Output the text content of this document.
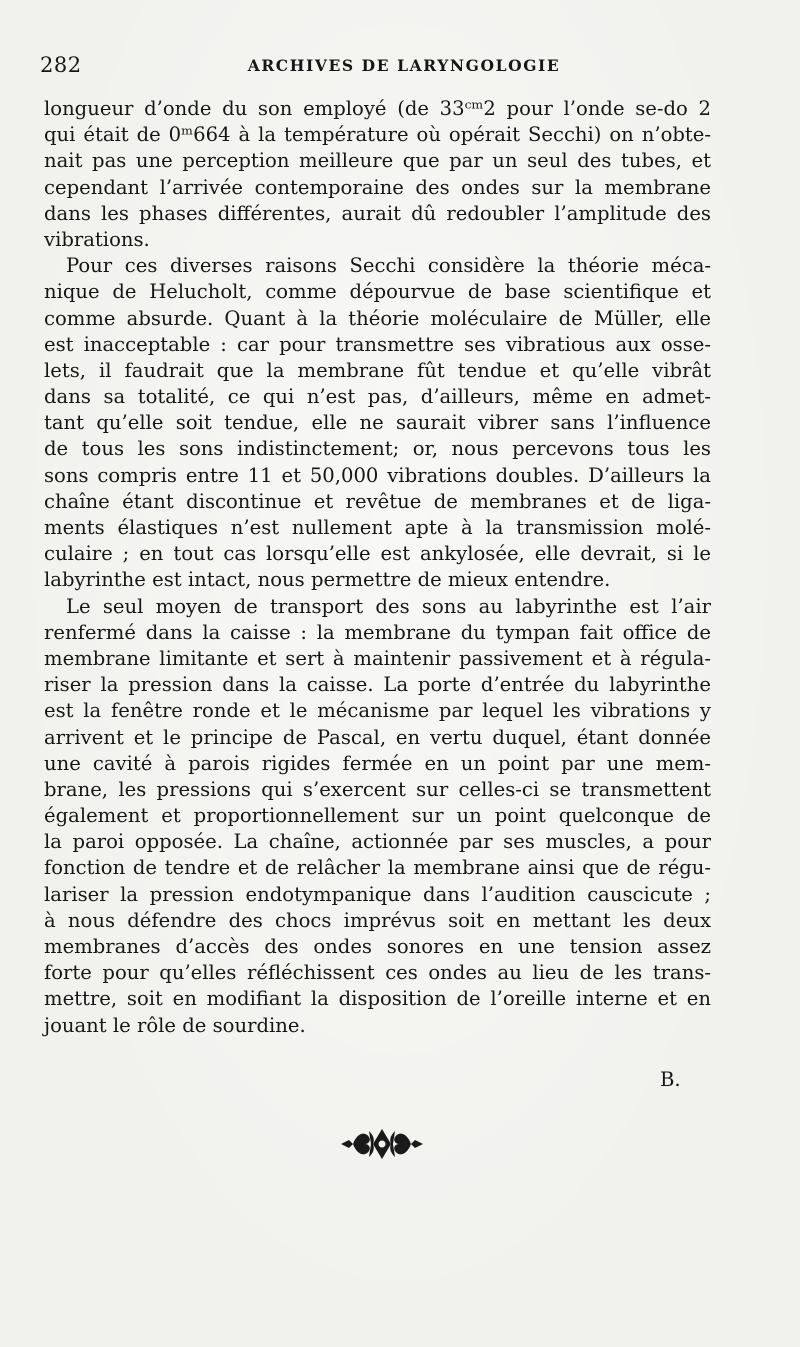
282	ARCHIVES DE LARYNGOLOGIE
longueur d’onde du son employé (de 33ᶜᵐ2 pour l’onde se-do 2
qui était de 0ᵐ664 à la température où opérait Secchi) on n’obte-
nait pas une perception meilleure que par un seul des tubes, et
cependant l’arrivée contemporaine des ondes sur la membrane
dans les phases différentes, aurait dû redoubler l’amplitude des
vibrations.
Pour ces diverses raisons Secchi considère la théorie méca-
nique de Helucholt, comme dépourvue de base scientifique et
comme absurde. Quant à la théorie moléculaire de Müller, elle
est inacceptable : car pour transmettre ses vibratious aux osse-
lets, il faudrait que la membrane fût tendue et qu’elle vibrât
dans sa totalité, ce qui n’est pas, d’ailleurs, même en admet-
tant qu’elle soit tendue, elle ne saurait vibrer sans l’influence
de tous les sons indistinctement; or, nous percevons tous les
sons compris entre 11 et 50,000 vibrations doubles. D’ailleurs la
chaîne étant discontinue et revêtue de membranes et de liga-
ments élastiques n’est nullement apte à la transmission molé-
culaire ; en tout cas lorsqu’elle est ankylosée, elle devrait, si le
labyrinthe est intact, nous permettre de mieux entendre.
Le seul moyen de transport des sons au labyrinthe est l’air
renfermé dans la caisse : la membrane du tympan fait office de
membrane limitante et sert à maintenir passivement et à régula-
riser la pression dans la caisse. La porte d’entrée du labyrinthe
est la fenêtre ronde et le mécanisme par lequel les vibrations y
arrivent et le principe de Pascal, en vertu duquel, étant donnée
une cavité à parois rigides fermée en un point par une mem-
brane, les pressions qui s’exercent sur celles-ci se transmettent
également et proportionnellement sur un point quelconque de
la paroi opposée. La chaîne, actionnée par ses muscles, a pour
fonction de tendre et de relâcher la membrane ainsi que de régu-
lariser la pression endotympanique dans l’audition causcicute ;
à nous défendre des chocs imprévus soit en mettant les deux
membranes d’accès des ondes sonores en une tension assez
forte pour qu’elles réfléchissent ces ondes au lieu de les trans-
mettre, soit en modifiant la disposition de l’oreille interne et en
jouant le rôle de sourdine.
B.
